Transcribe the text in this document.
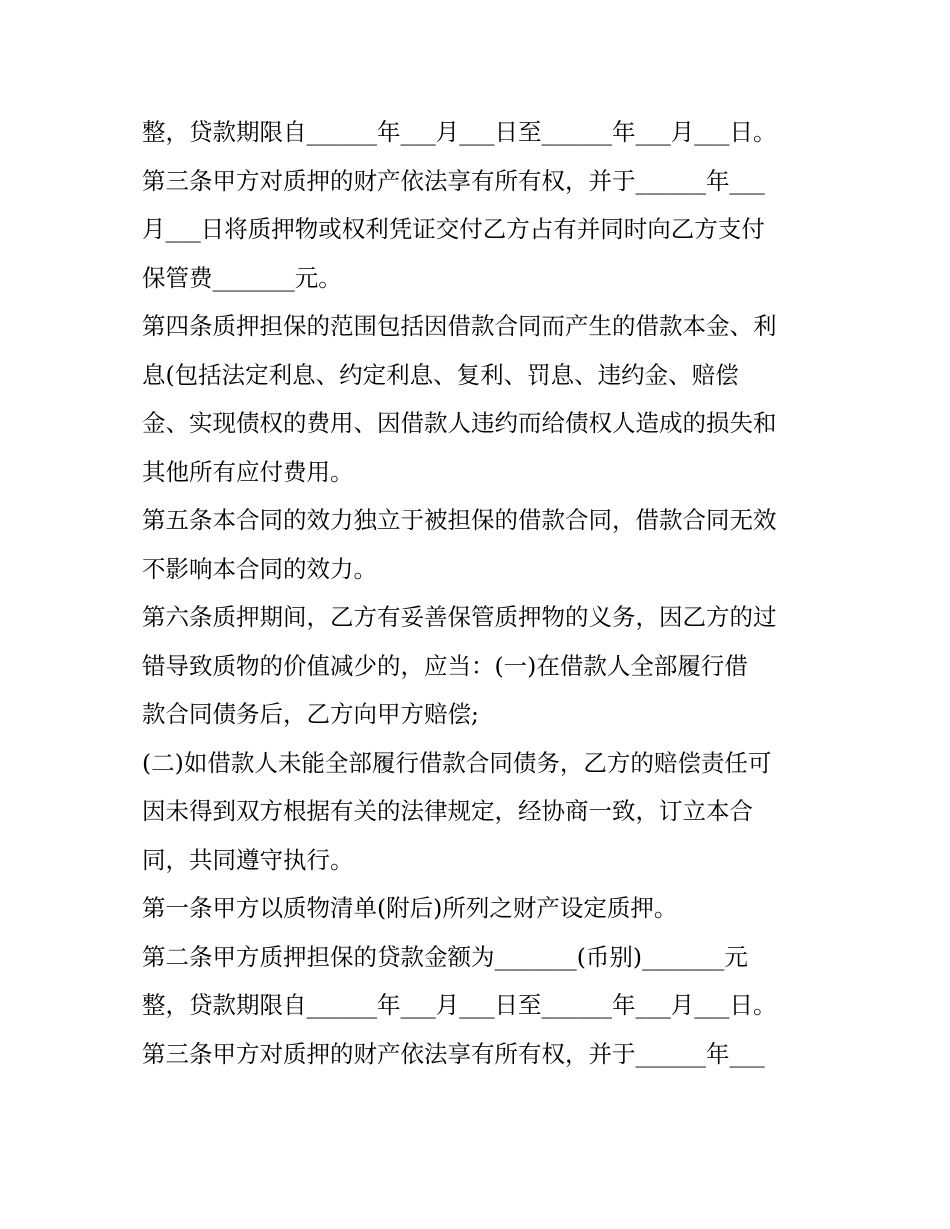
整，贷款期限自______年___月___日至______年___月___日。
第三条甲方对质押的财产依法享有所有权，并于______年___
月___日将质押物或权利凭证交付乙方占有并同时向乙方支付
保管费_______元。
第四条质押担保的范围包括因借款合同而产生的借款本金、利
息(包括法定利息、约定利息、复利、罚息、违约金、赔偿
金、实现债权的费用、因借款人违约而给债权人造成的损失和
其他所有应付费用。
第五条本合同的效力独立于被担保的借款合同，借款合同无效
不影响本合同的效力。
第六条质押期间，乙方有妥善保管质押物的义务，因乙方的过
错导致质物的价值减少的，应当：(一)在借款人全部履行借
款合同债务后，乙方向甲方赔偿;
(二)如借款人未能全部履行借款合同债务，乙方的赔偿责任可
因未得到双方根据有关的法律规定，经协商一致，订立本合
同，共同遵守执行。
第一条甲方以质物清单(附后)所列之财产设定质押。
第二条甲方质押担保的贷款金额为_______(币别)_______元
整，贷款期限自______年___月___日至______年___月___日。
第三条甲方对质押的财产依法享有所有权，并于______年___
